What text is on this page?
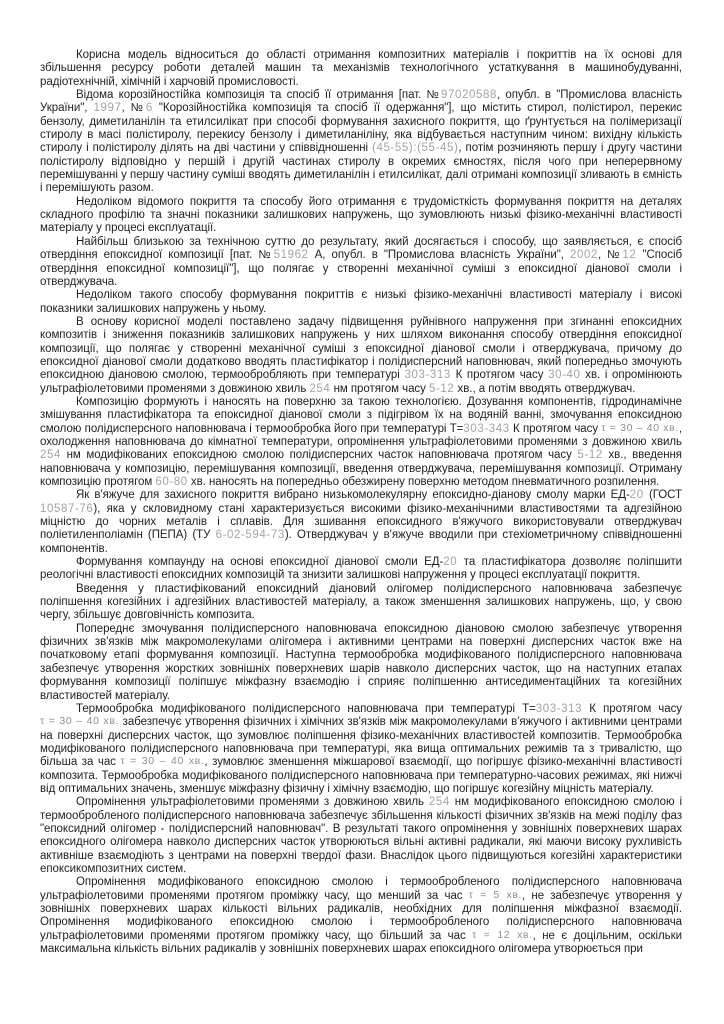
Корисна модель відноситься до області отримання композитних матеріалів і покриттів на їх основі для збільшення ресурсу роботи деталей машин та механізмів технологічного устаткування в машинобудуванні, радіотехнічній, хімічній і харчовій промисловості.

Відома корозійностійка композиція та спосіб її отримання [пат. №97020588, опубл. в "Промислова власність України", 1997, №6 "Корозійностійка композиція та спосіб її одержання"], що містить стирол, полістирол, перекис бензолу, диметиланілін та етилсилікат при способі формування захисного покриття, що ґрунтується на полімеризації стиролу в масі полістиролу, перекису бензолу і диметиланіліну, яка відбувається наступним чином: вихідну кількість стиролу і полістиролу ділять на дві частини у співвідношенні (45-55):(55-45), потім розчиняють першу і другу частини полістиролу відповідно у першій і другій частинах стиролу в окремих ємностях, після чого при неперервному перемішуванні у першу частину суміші вводять диметиланілін і етилсилікат, далі отримані композиції зливають в ємність і перемішують разом.

Недоліком відомого покриття та способу його отримання є трудомісткість формування покриття на деталях складного профілю та значні показники залишкових напружень, що зумовлюють низькі фізико-механічні властивості матеріалу у процесі експлуатації.

Найбільш близькою за технічною суттю до результату, який досягається і способу, що заявляється, є спосіб отвердіння епоксидної композиції [пат. №51962 А, опубл. в "Промислова власність України", 2002, №12 "Спосіб отвердіння епоксидної композиції"], що полягає у створенні механічної суміші з епоксидної діанової смоли і отверджувача.

Недоліком такого способу формування покриттів є низькі фізико-механічні властивості матеріалу і високі показники залишкових напружень у ньому.

В основу корисної моделі поставлено задачу підвищення руйнівного напруження при згинанні епоксидних композитів і зниження показників залишкових напружень у них шляхом виконання способу отвердіння епоксидної композиції, що полягає у створенні механічної суміші з епоксидної діанової смоли і отверджувача, причому до епоксидної діанової смоли додатково вводять пластифікатор і полідисперсний наповнювач, який попередньо змочують епоксидною діановою смолою, термообробляють при температурі 303-313 К протягом часу 30-40 хв. і опромінюють ультрафіолетовими променями з довжиною хвиль 254 нм протягом часу 5-12 хв., а потім вводять отверджувач.

Композицію формують і наносять на поверхню за такою технологією. Дозування компонентів, гідродинамічне змішування пластифікатора та епоксидної діанової смоли з підігрівом їх на водяній ванні, змочування епоксидною смолою полідисперсного наповнювача і термообробка його при температурі Т=303-343 К протягом часу τ = 30 – 40 хв., охолодження наповнювача до кімнатної температури, опромінення ультрафіолетовими променями з довжиною хвиль 254 нм модифікованих епоксидною смолою полідисперсних часток наповнювача протягом часу 5-12 хв., введення наповнювача у композицію, перемішування композиції, введення отверджувача, перемішування композиції. Отриману композицію протягом 60-80 хв. наносять на попередньо обезжирену поверхню методом пневматичного розпилення.

Як в'яжуче для захисного покриття вибрано низькомолекулярну епоксидно-діанову смолу марки ЕД-20 (ГОСТ 10587-76), яка у скловидному стані характеризується високими фізико-механічними властивостями та адгезійною міцністю до чорних металів і сплавів. Для зшивання епоксидного в'яжучого використовували отверджувач поліетиленполіамін (ПЕПА) (ТУ 6-02-594-73). Отверджувач у в'яжуче вводили при стехіометричному співвідношенні компонентів.

Формування компаунду на основі епоксидної діанової смоли ЕД-20 та пластифікатора дозволяє поліпшити реологічні властивості епоксидних композицій та знизити залишкові напруження у процесі експлуатації покриття.

Введення у пластифікований епоксидний діановий олігомер полідисперсного наповнювача забезпечує поліпшення когезійних і адгезійних властивостей матеріалу, а також зменшення залишкових напружень, що, у свою чергу, збільшує довговічність композита.

Попереднє змочування полідисперсного наповнювача епоксидною діановою смолою забезпечує утворення фізичних зв'язків між макромолекулами олігомера і активними центрами на поверхні дисперсних часток вже на початковому етапі формування композиції. Наступна термообробка модифікованого полідисперсного наповнювача забезпечує утворення жорстких зовнішніх поверхневих шарів навколо дисперсних часток, що на наступних етапах формування композиції поліпшує міжфазну взаємодію і сприяє поліпшенню антиседиментаційних та когезійних властивостей матеріалу.

Термообробка модифікованого полідисперсного наповнювача при температурі Т=303-313 К протягом часу τ = 30 – 40 хв. забезпечує утворення фізичних і хімічних зв'язків між макромолекулами в'яжучого і активними центрами на поверхні дисперсних часток, що зумовлює поліпшення фізико-механічних властивостей композитів. Термообробка модифікованого полідисперсного наповнювача при температурі, яка вища оптимальних режимів та з тривалістю, що більша за час τ = 30 – 40 хв., зумовлює зменшення міжшарової взаємодії, що погіршує фізико-механічні властивості композита. Термообробка модифікованого полідисперсного наповнювача при температурно-часових режимах, які нижчі від оптимальних значень, зменшує міжфазну фізичну і хімічну взаємодію, що погіршує когезійну міцність матеріалу.

Опромінення ультрафіолетовими променями з довжиною хвиль 254 нм модифікованого епоксидною смолою і термообробленого полідисперсного наповнювача забезпечує збільшення кількості фізичних зв'язків на межі поділу фаз "епоксидний олігомер - полідисперсний наповнювач". В результаті такого опромінення у зовнішніх поверхневих шарах епоксидного олігомера навколо дисперсних часток утворюються вільні активні радикали, які маючи високу рухливість активніше взаємодіють з центрами на поверхні твердої фази. Внаслідок цього підвищуються когезійні характеристики епоксикомпозитних систем.

Опромінення модифікованого епоксидною смолою і термообробленого полідисперсного наповнювача ультрафіолетовими променями протягом проміжку часу, що менший за час τ = 5 хв., не забезпечує утворення у зовнішніх поверхневих шарах кількості вільних радикалів, необхідних для поліпшення міжфазної взаємодії. Опромінення модифікованого епоксидною смолою і термообробленого полідисперсного наповнювача ультрафіолетовими променями протягом проміжку часу, що більший за час τ = 12 хв., не є доцільним, оскільки максимальна кількість вільних радикалів у зовнішніх поверхневих шарах епоксидного олігомера утворюється при
